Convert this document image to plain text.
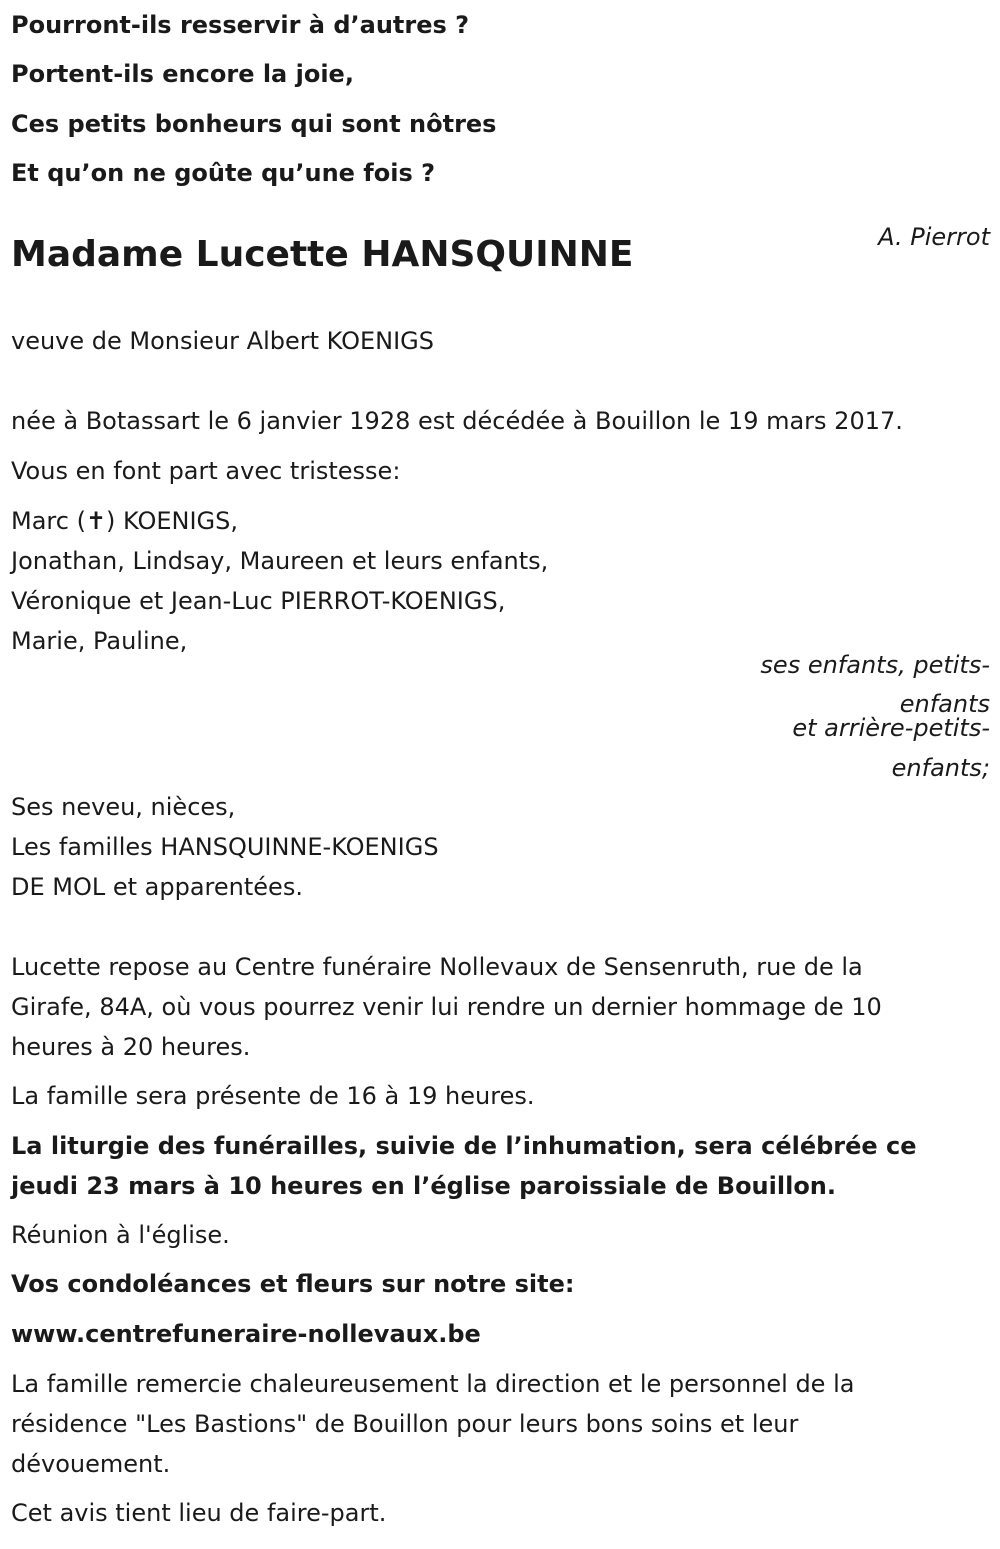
Pourront-ils resservir à d’autres ?

Portent-ils encore la joie,

Ces petits bonheurs qui sont nôtres

Et qu’on ne goûte qu’une fois ?

A. Pierrot

Madame Lucette HANSQUINNE

veuve de Monsieur Albert KOENIGS

née à Botassart le 6 janvier 1928 est décédée à Bouillon le 19 mars 2017.

Vous en font part avec tristesse:

Marc (✝) KOENIGS,

Jonathan, Lindsay, Maureen et leurs enfants,

Véronique et Jean-Luc PIERROT-KOENIGS,

Marie, Pauline,

ses enfants, petits-

enfants

et arrière-petits-

enfants;

Ses neveu, nièces,

Les familles HANSQUINNE-KOENIGS

DE MOL et apparentées.

Lucette repose au Centre funéraire Nollevaux de Sensenruth, rue de la

Girafe, 84A, où vous pourrez venir lui rendre un dernier hommage de 10

heures à 20 heures.

La famille sera présente de 16 à 19 heures.

La liturgie des funérailles, suivie de l’inhumation, sera célébrée ce

jeudi 23 mars à 10 heures en l’église paroissiale de Bouillon.

Réunion à l'église.

Vos condoléances et fleurs sur notre site:

www.centrefuneraire-nollevaux.be

La famille remercie chaleureusement la direction et le personnel de la

résidence "Les Bastions" de Bouillon pour leurs bons soins et leur

dévouement.

Cet avis tient lieu de faire-part.
